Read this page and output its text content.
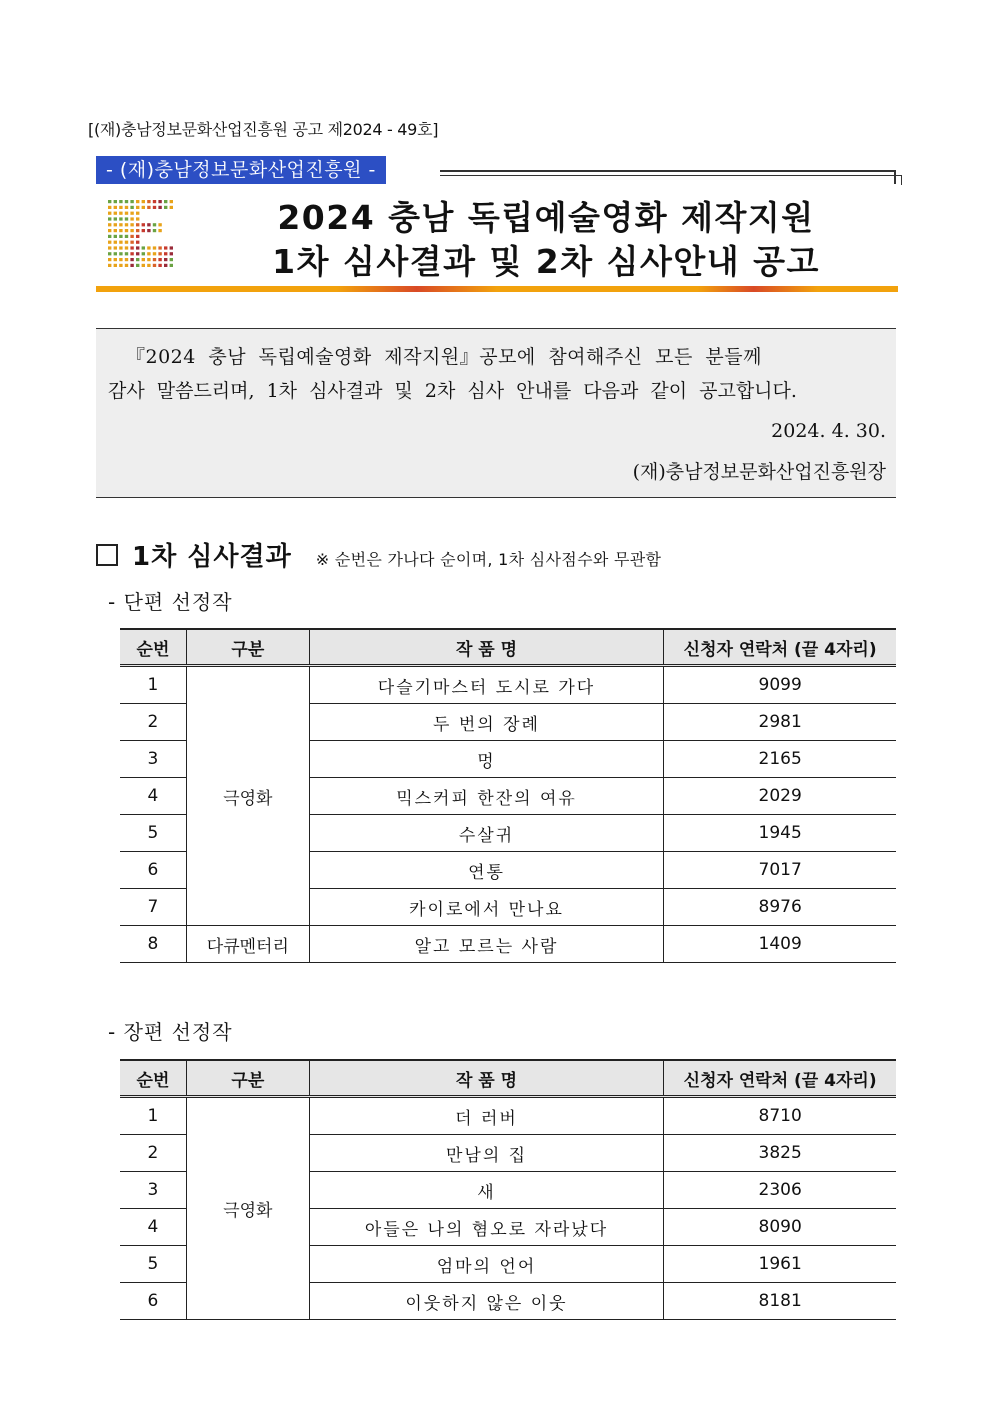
[(재)충남정보문화산업진흥원 공고 제2024 - 49호]
- (재)충남정보문화산업진흥원 -
2024 충남 독립예술영화 제작지원
1차 심사결과 및 2차 심사안내 공고

『2024 충남 독립예술영화 제작지원』공모에 참여해주신 모든 분들께

감사 말씀드리며, 1차 심사결과 및 2차 심사 안내를 다음과 같이 공고합니다.

2024. 4. 30.

(재)충남정보문화산업진흥원장

1차 심사결과 ※ 순번은 가나다 순이며, 1차 심사점수와 무관함
- 단편 선정작
순번	구분	작 품 명	신청자 연락처 (끝 4자리)
1	극영화	다슬기마스터 도시로 가다	9099
2		두 번의 장례	2981
3		멍	2165
4		믹스커피 한잔의 여유	2029
5		수살귀	1945
6		연통	7017
7		카이로에서 만나요	8976
8	다큐멘터리	알고 모르는 사람	1409
- 장편 선정작
순번	구분	작 품 명	신청자 연락처 (끝 4자리)
1	극영화	더 러버	8710
2		만남의 집	3825
3		새	2306
4		아들은 나의 혐오로 자라났다	8090
5		엄마의 언어	1961
6		이웃하지 않은 이웃	8181
